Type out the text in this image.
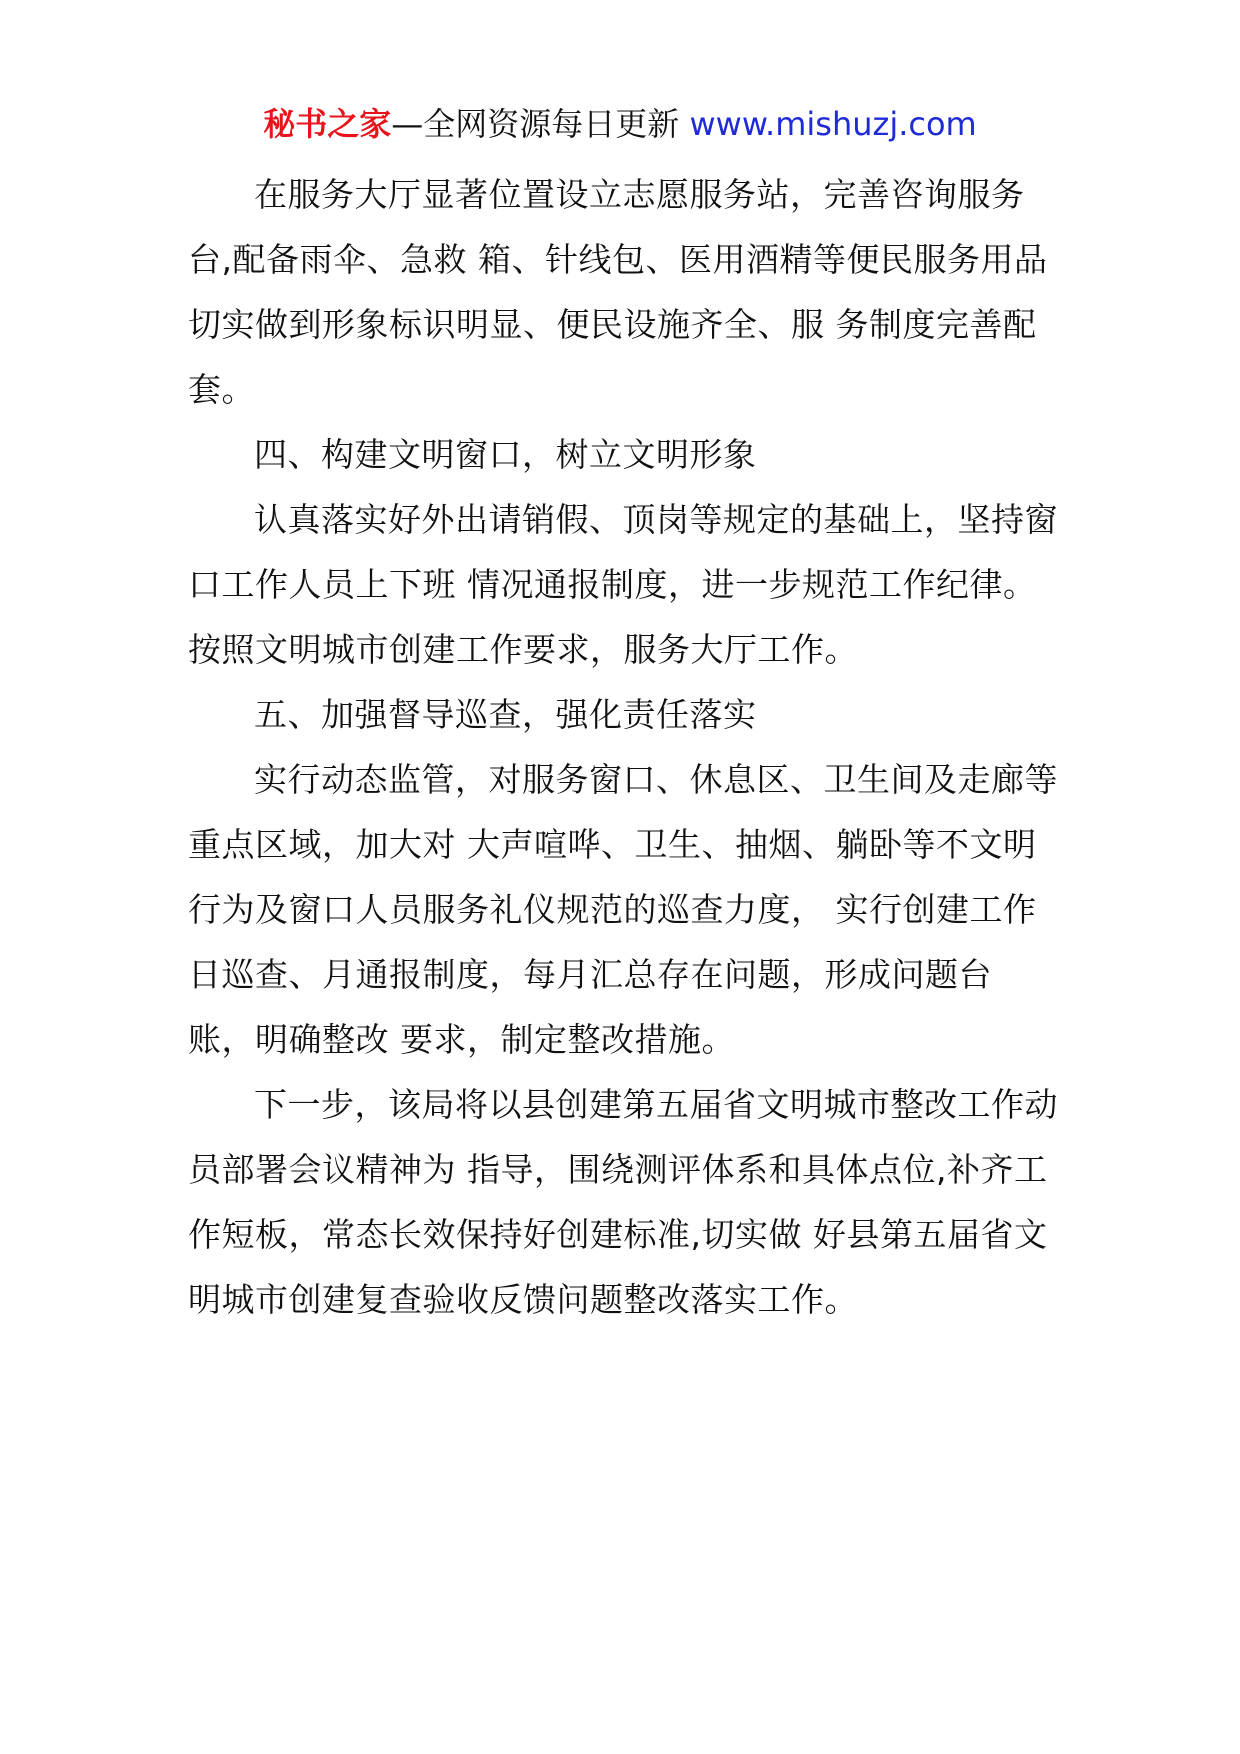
秘书之家—全网资源每日更新 www.mishuzj.com

在服务大厅显著位置设立志愿服务站，完善咨询服务台,配备雨伞、急救 箱、针线包、医用酒精等便民服务用品切实做到形象标识明显、便民设施齐全、服 务制度完善配套。

四、构建文明窗口，树立文明形象

认真落实好外出请销假、顶岗等规定的基础上，坚持窗口工作人员上下班 情况通报制度，进一步规范工作纪律。按照文明城市创建工作要求，服务大厅工作。

五、加强督导巡查，强化责任落实

实行动态监管，对服务窗口、休息区、卫生间及走廊等重点区域，加大对 大声喧哗、卫生、抽烟、躺卧等不文明行为及窗口人员服务礼仪规范的巡查力度， 实行创建工作日巡查、月通报制度，每月汇总存在问题，形成问题台账，明确整改 要求，制定整改措施。

下一步，该局将以县创建第五届省文明城市整改工作动员部署会议精神为 指导，围绕测评体系和具体点位,补齐工作短板，常态长效保持好创建标准,切实做 好县第五届省文明城市创建复查验收反馈问题整改落实工作。
